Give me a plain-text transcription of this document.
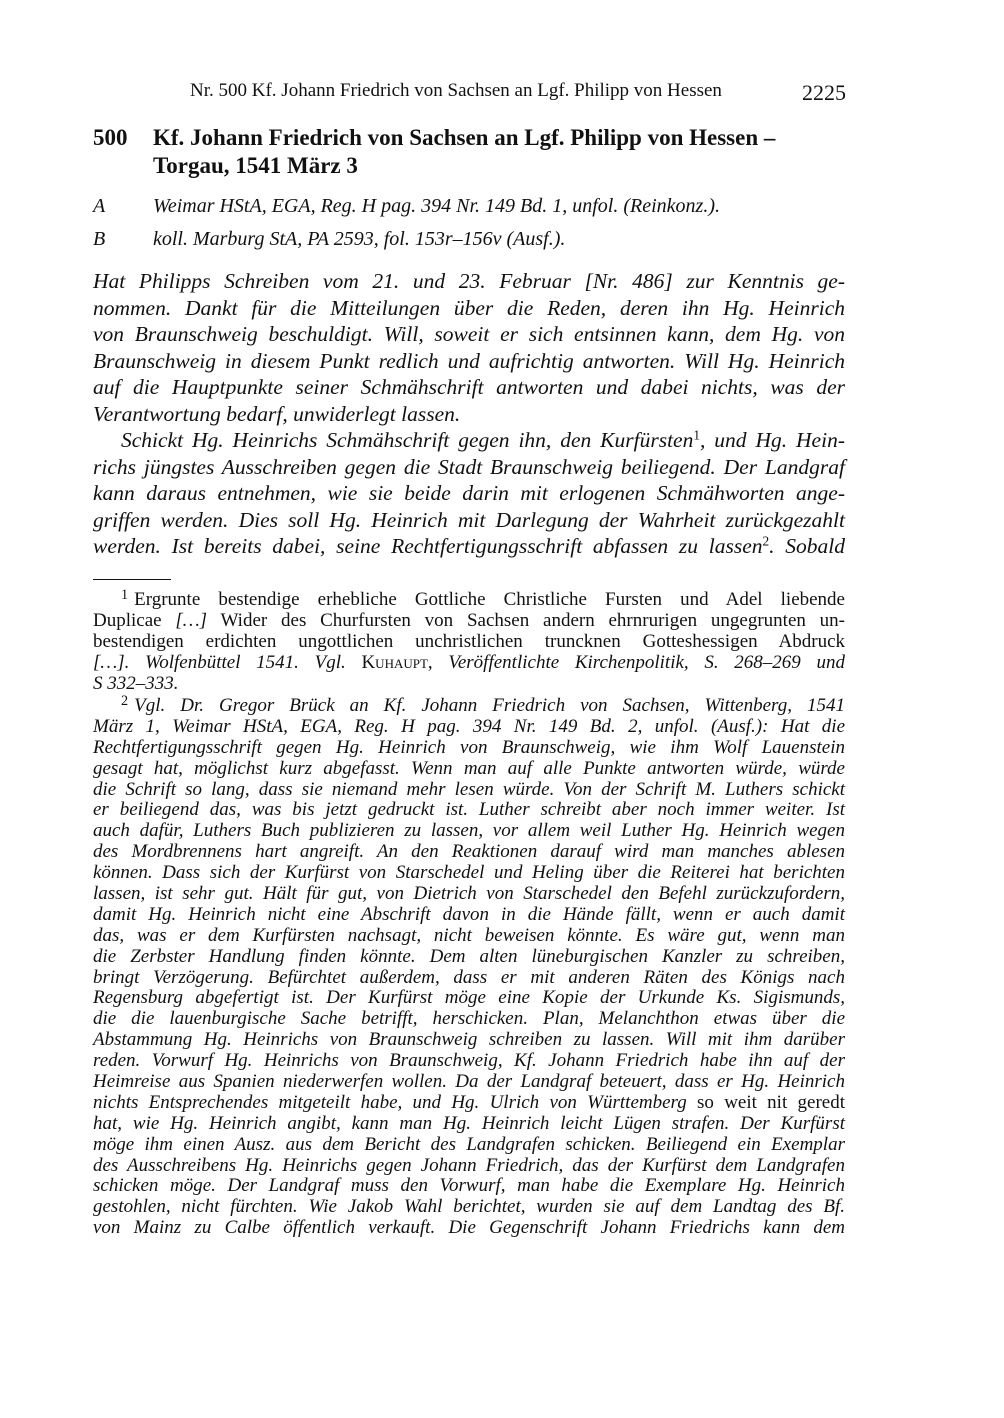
Nr. 500 Kf. Johann Friedrich von Sachsen an Lgf. Philipp von Hessen	2225
500	Kf. Johann Friedrich von Sachsen an Lgf. Philipp von Hessen – Torgau, 1541 März 3
A	Weimar HStA, EGA, Reg. H pag. 394 Nr. 149 Bd. 1, unfol. (Reinkonz.).
B	koll. Marburg StA, PA 2593, fol. 153r–156v (Ausf.).
Hat Philipps Schreiben vom 21. und 23. Februar [Nr. 486] zur Kenntnis ge-
nommen. Dankt für die Mitteilungen über die Reden, deren ihn Hg. Heinrich
von Braunschweig beschuldigt. Will, soweit er sich entsinnen kann, dem Hg. von
Braunschweig in diesem Punkt redlich und aufrichtig antworten. Will Hg. Heinrich
auf die Hauptpunkte seiner Schmähschrift antworten und dabei nichts, was der
Verantwortung bedarf, unwiderlegt lassen.
Schickt Hg. Heinrichs Schmähschrift gegen ihn, den Kurfürsten$^1$, und Hg. Hein-
richs jüngstes Ausschreiben gegen die Stadt Braunschweig beiliegend. Der Landgraf
kann daraus entnehmen, wie sie beide darin mit erlogenen Schmähworten ange-
griffen werden. Dies soll Hg. Heinrich mit Darlegung der Wahrheit zurückgezahlt
werden. Ist bereits dabei, seine Rechtfertigungsschrift abfassen zu lassen$^2$. Sobald
$^1$ Ergrunte bestendige erhebliche Gottliche Christliche Fursten und Adel liebende
Duplicae […] Wider des Churfursten von Sachsen andern ehrnrurigen ungegrunten un-
bestendigen erdichten ungottlichen unchristlichen truncknen Gotteshessigen Abdruck
[…]. Wolfenbüttel 1541. Vgl. Kuhaupt, Veröffentlichte Kirchenpolitik, S. 268–269 und
S 332–333.
$^2$ Vgl. Dr. Gregor Brück an Kf. Johann Friedrich von Sachsen, Wittenberg, 1541
März 1, Weimar HStA, EGA, Reg. H pag. 394 Nr. 149 Bd. 2, unfol. (Ausf.): Hat die
Rechtfertigungsschrift gegen Hg. Heinrich von Braunschweig, wie ihm Wolf Lauenstein
gesagt hat, möglichst kurz abgefasst. Wenn man auf alle Punkte antworten würde, würde
die Schrift so lang, dass sie niemand mehr lesen würde. Von der Schrift M. Luthers schickt
er beiliegend das, was bis jetzt gedruckt ist. Luther schreibt aber noch immer weiter. Ist
auch dafür, Luthers Buch publizieren zu lassen, vor allem weil Luther Hg. Heinrich wegen
des Mordbrennens hart angreift. An den Reaktionen darauf wird man manches ablesen
können. Dass sich der Kurfürst von Starschedel und Heling über die Reiterei hat berichten
lassen, ist sehr gut. Hält für gut, von Dietrich von Starschedel den Befehl zurückzufordern,
damit Hg. Heinrich nicht eine Abschrift davon in die Hände fällt, wenn er auch damit
das, was er dem Kurfürsten nachsagt, nicht beweisen könnte. Es wäre gut, wenn man
die Zerbster Handlung finden könnte. Dem alten lüneburgischen Kanzler zu schreiben,
bringt Verzögerung. Befürchtet außerdem, dass er mit anderen Räten des Königs nach
Regensburg abgefertigt ist. Der Kurfürst möge eine Kopie der Urkunde Ks. Sigismunds,
die die lauenburgische Sache betrifft, herschicken. Plan, Melanchthon etwas über die
Abstammung Hg. Heinrichs von Braunschweig schreiben zu lassen. Will mit ihm darüber
reden. Vorwurf Hg. Heinrichs von Braunschweig, Kf. Johann Friedrich habe ihn auf der
Heimreise aus Spanien niederwerfen wollen. Da der Landgraf beteuert, dass er Hg. Heinrich
nichts Entsprechendes mitgeteilt habe, und Hg. Ulrich von Württemberg so weit nit geredt
hat, wie Hg. Heinrich angibt, kann man Hg. Heinrich leicht Lügen strafen. Der Kurfürst
möge ihm einen Ausz. aus dem Bericht des Landgrafen schicken. Beiliegend ein Exemplar
des Ausschreibens Hg. Heinrichs gegen Johann Friedrich, das der Kurfürst dem Landgrafen
schicken möge. Der Landgraf muss den Vorwurf, man habe die Exemplare Hg. Heinrich
gestohlen, nicht fürchten. Wie Jakob Wahl berichtet, wurden sie auf dem Landtag des Bf.
von Mainz zu Calbe öffentlich verkauft. Die Gegenschrift Johann Friedrichs kann dem
